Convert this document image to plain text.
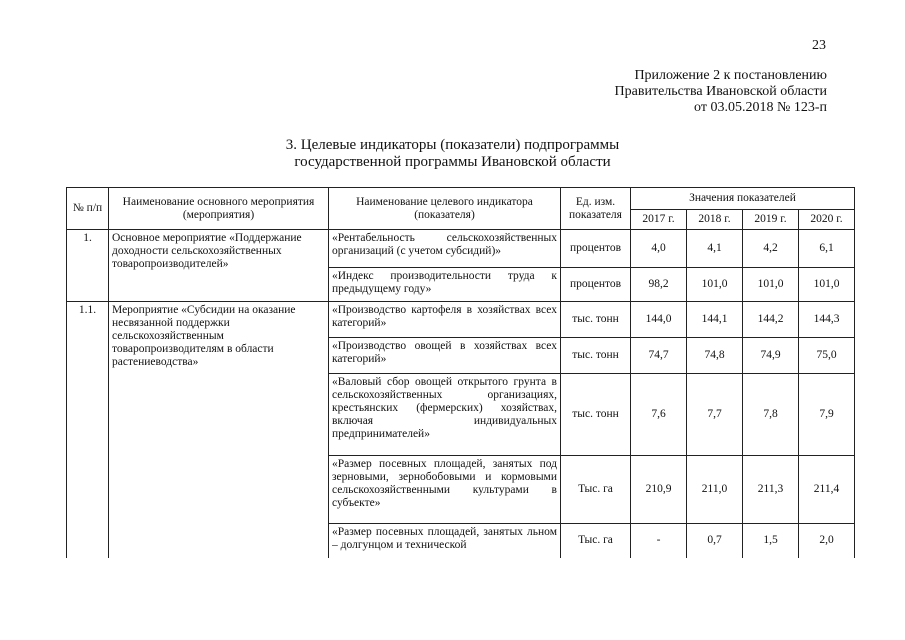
23
Приложение 2 к постановлению
Правительства Ивановской области
от 03.05.2018 № 123-п
3. Целевые индикаторы (показатели) подпрограммы
государственной программы Ивановской области
№ п/п	Наименование основного мероприятия (мероприятия)	Наименование целевого индикатора (показателя)	Ед. изм. показателя	Значения показателей			
				2017 г.	2018 г.	2019 г.	2020 г.
1.	Основное мероприятие «Поддержание доходности сельскохозяйственных товаропроизводителей»	«Рентабельность сельскохозяйственных организаций (с учетом субсидий)»	процентов	4,0	4,1	4,2	6,1
		«Индекс производительности труда к предыдущему году»	процентов	98,2	101,0	101,0	101,0
1.1.	Мероприятие «Субсидии на оказание несвязанной поддержки сельскохозяйственным товаропроизводителям в области растениеводства»	«Производство картофеля в хозяйствах всех категорий»	тыс. тонн	144,0	144,1	144,2	144,3
		«Производство овощей в хозяйствах всех категорий»	тыс. тонн	74,7	74,8	74,9	75,0
		«Валовый сбор овощей открытого грунта в сельскохозяйственных организациях, крестьянских (фермерских) хозяйствах, включая индивидуальных предпринимателей»	тыс. тонн	7,6	7,7	7,8	7,9
		«Размер посевных площадей, занятых под зерновыми, зернобобовыми и кормовыми сельскохозяйственными культурами в субъекте»	Тыс. га	210,9	211,0	211,3	211,4

		«Размер посевных площадей, занятых льном – долгунцом и технической	Тыс. га	-	0,7	1,5	2,0
